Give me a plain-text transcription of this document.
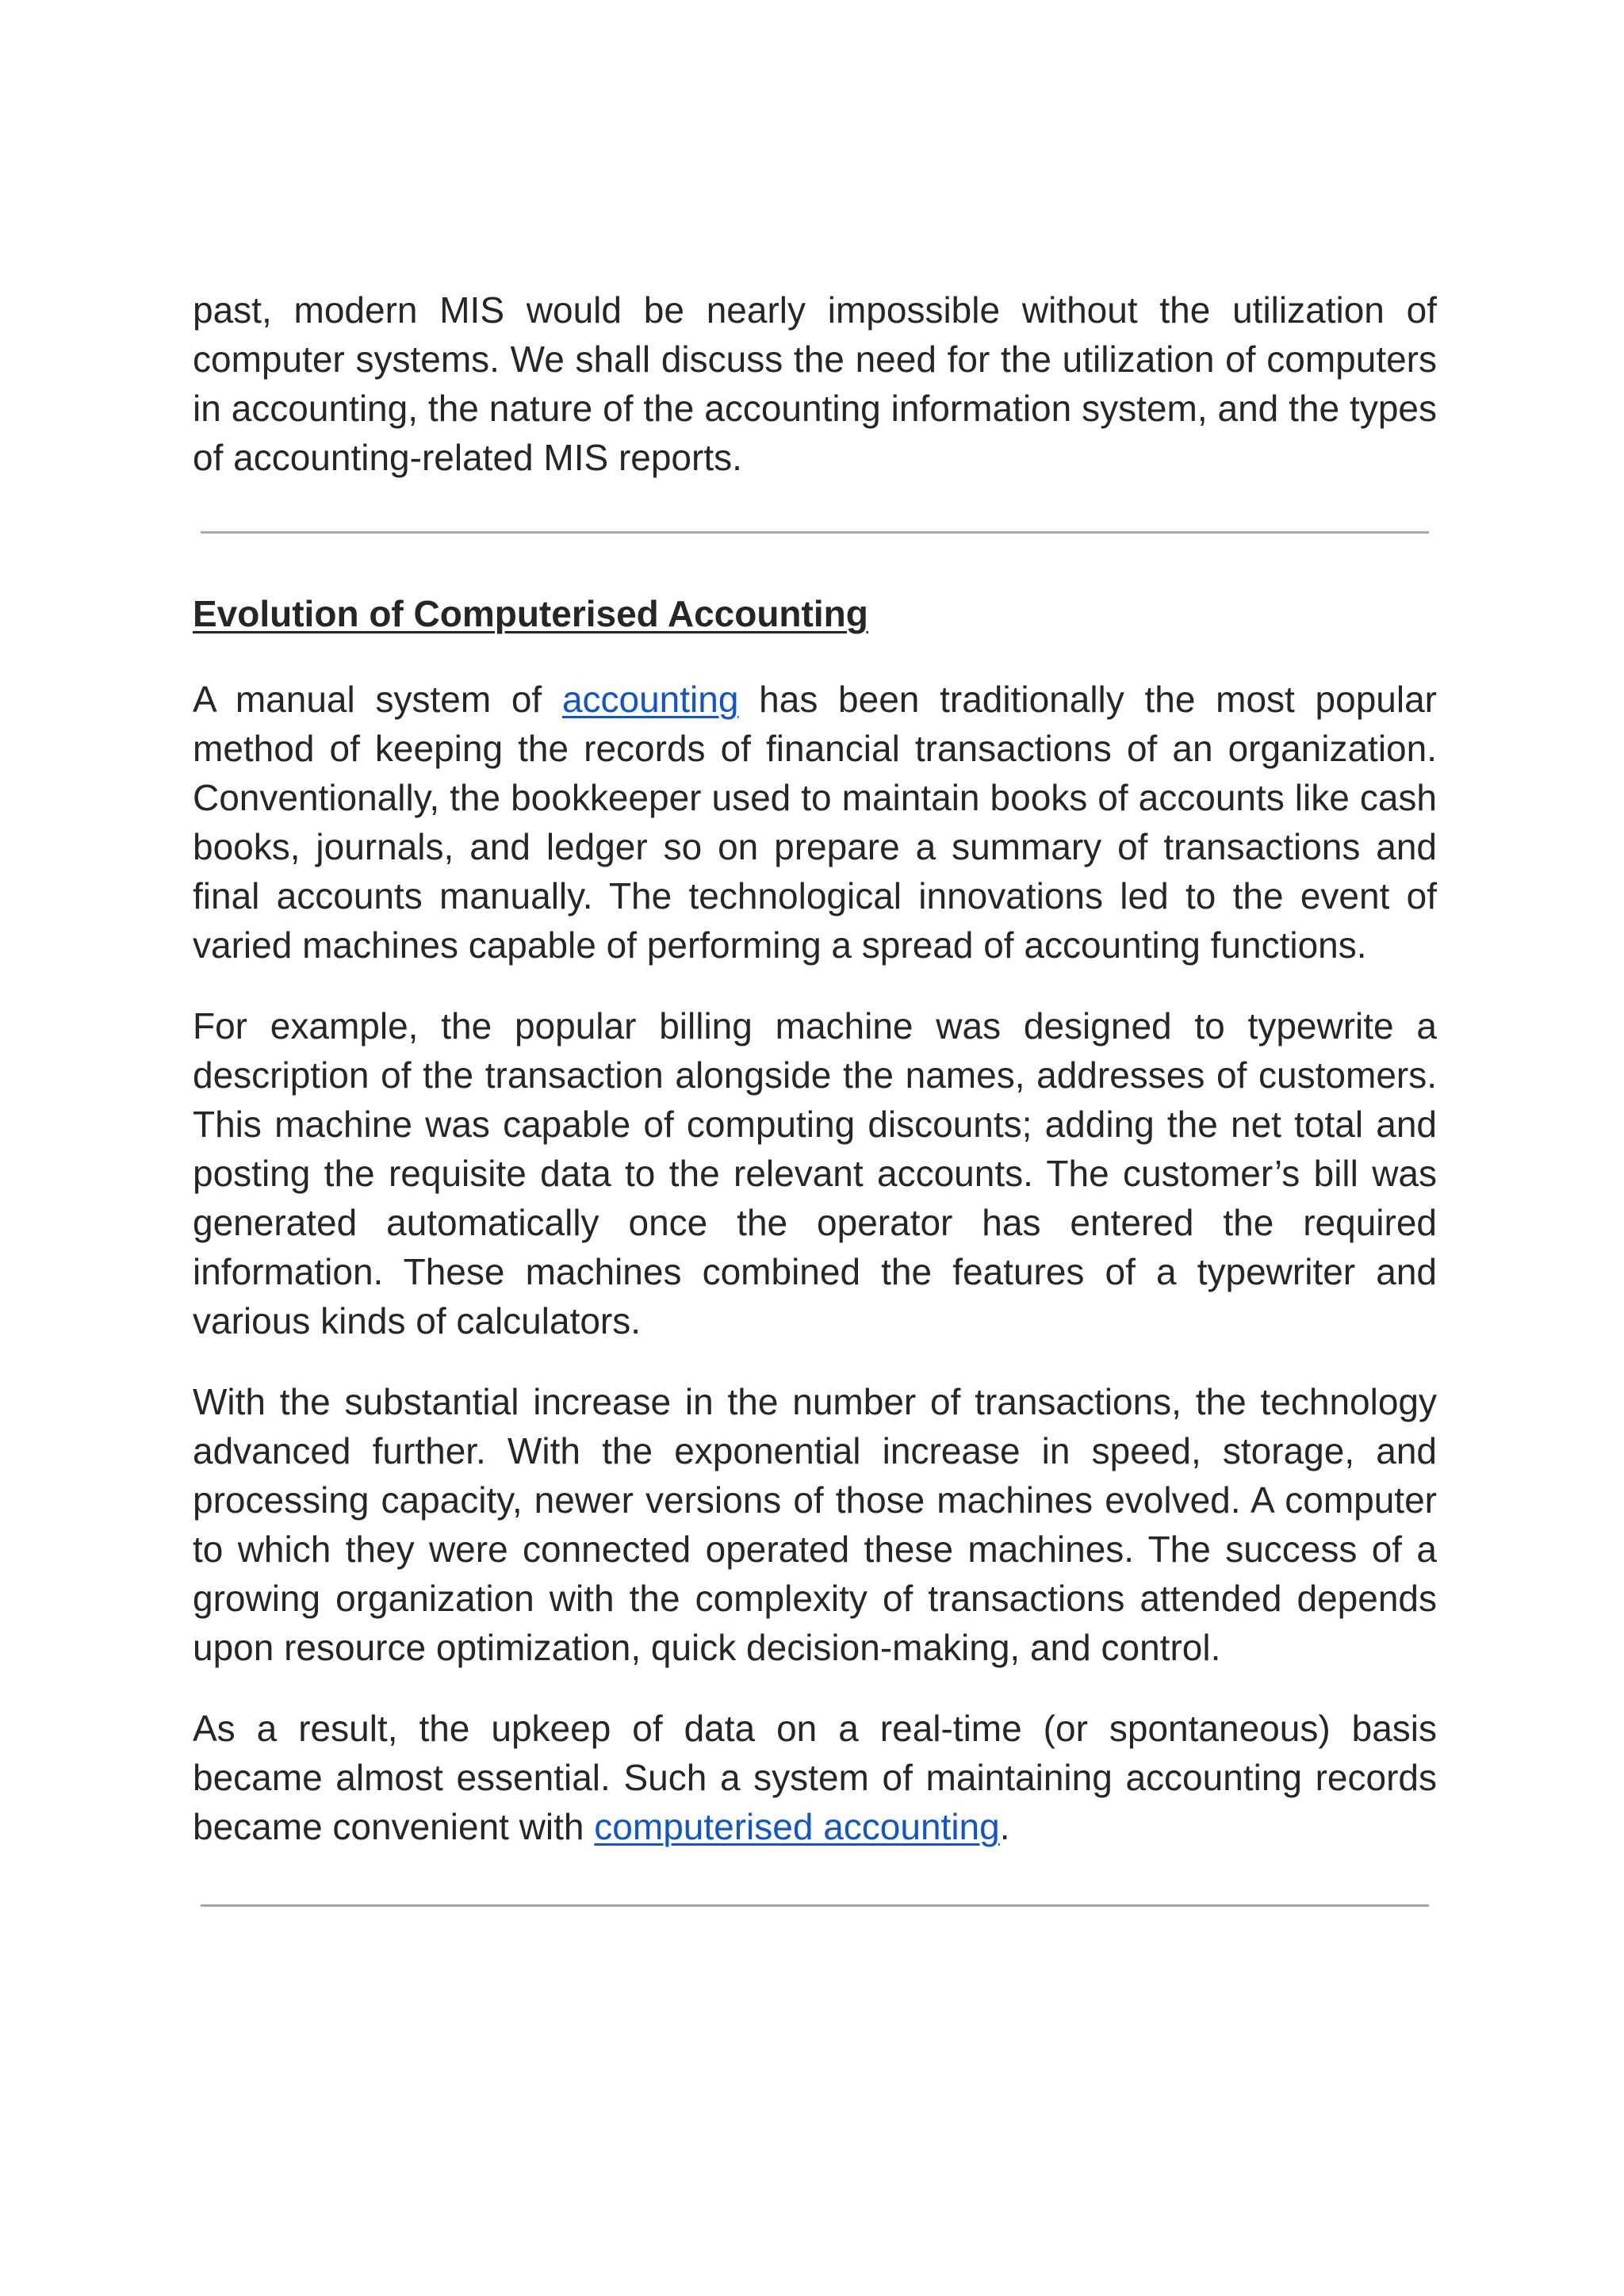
past, modern MIS would be nearly impossible without the utilization of computer systems. We shall discuss the need for the utilization of computers in accounting, the nature of the accounting information system, and the types of accounting-related MIS reports.

Evolution of Computerised Accounting

A manual system of accounting has been traditionally the most popular method of keeping the records of financial transactions of an organization. Conventionally, the bookkeeper used to maintain books of accounts like cash books, journals, and ledger so on prepare a summary of transactions and final accounts manually. The technological innovations led to the event of varied machines capable of performing a spread of accounting functions.

For example, the popular billing machine was designed to typewrite a description of the transaction alongside the names, addresses of customers. This machine was capable of computing discounts; adding the net total and posting the requisite data to the relevant accounts. The customer’s bill was generated automatically once the operator has entered the required information. These machines combined the features of a typewriter and various kinds of calculators.

With the substantial increase in the number of transactions, the technology advanced further. With the exponential increase in speed, storage, and processing capacity, newer versions of those machines evolved. A computer to which they were connected operated these machines. The success of a growing organization with the complexity of transactions attended depends upon resource optimization, quick decision-making, and control.

As a result, the upkeep of data on a real-time (or spontaneous) basis became almost essential. Such a system of maintaining accounting records became convenient with computerised accounting.
